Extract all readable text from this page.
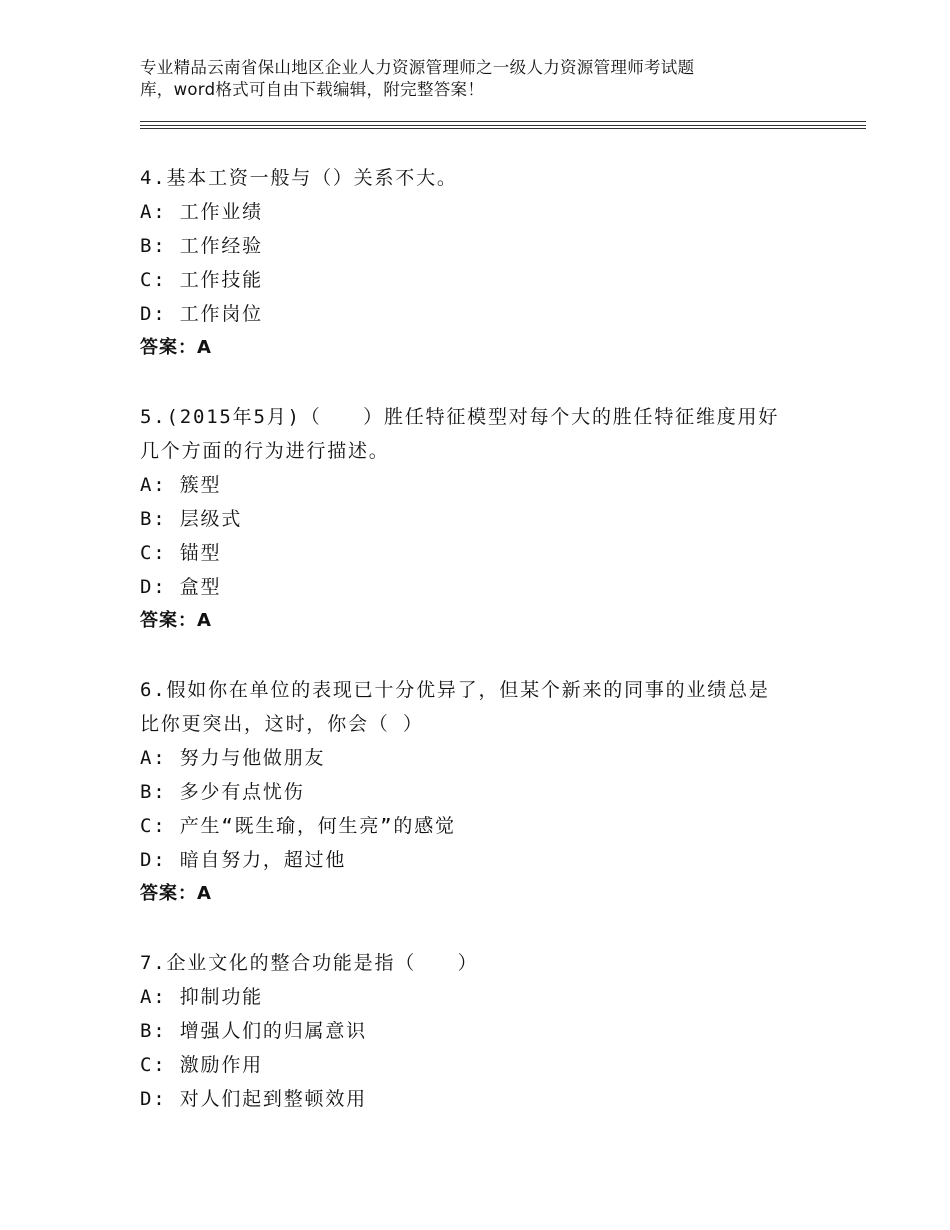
专业精品云南省保山地区企业人力资源管理师之一级人力资源管理师考试题
库，word格式可自由下载编辑，附完整答案！
4.基本工资一般与（）关系不大。
A: 工作业绩
B: 工作经验
C: 工作技能
D: 工作岗位
答案：A
5.(2015年5月)（　　）胜任特征模型对每个大的胜任特征维度用好
几个方面的行为进行描述。
A: 簇型
B: 层级式
C: 锚型
D: 盒型
答案：A
6.假如你在单位的表现已十分优异了，但某个新来的同事的业绩总是
比你更突出，这时，你会（ ）
A: 努力与他做朋友
B: 多少有点忧伤
C: 产生“既生瑜，何生亮”的感觉
D: 暗自努力，超过他
答案：A
7.企业文化的整合功能是指（　　）
A: 抑制功能
B: 增强人们的归属意识
C: 激励作用
D: 对人们起到整顿效用
